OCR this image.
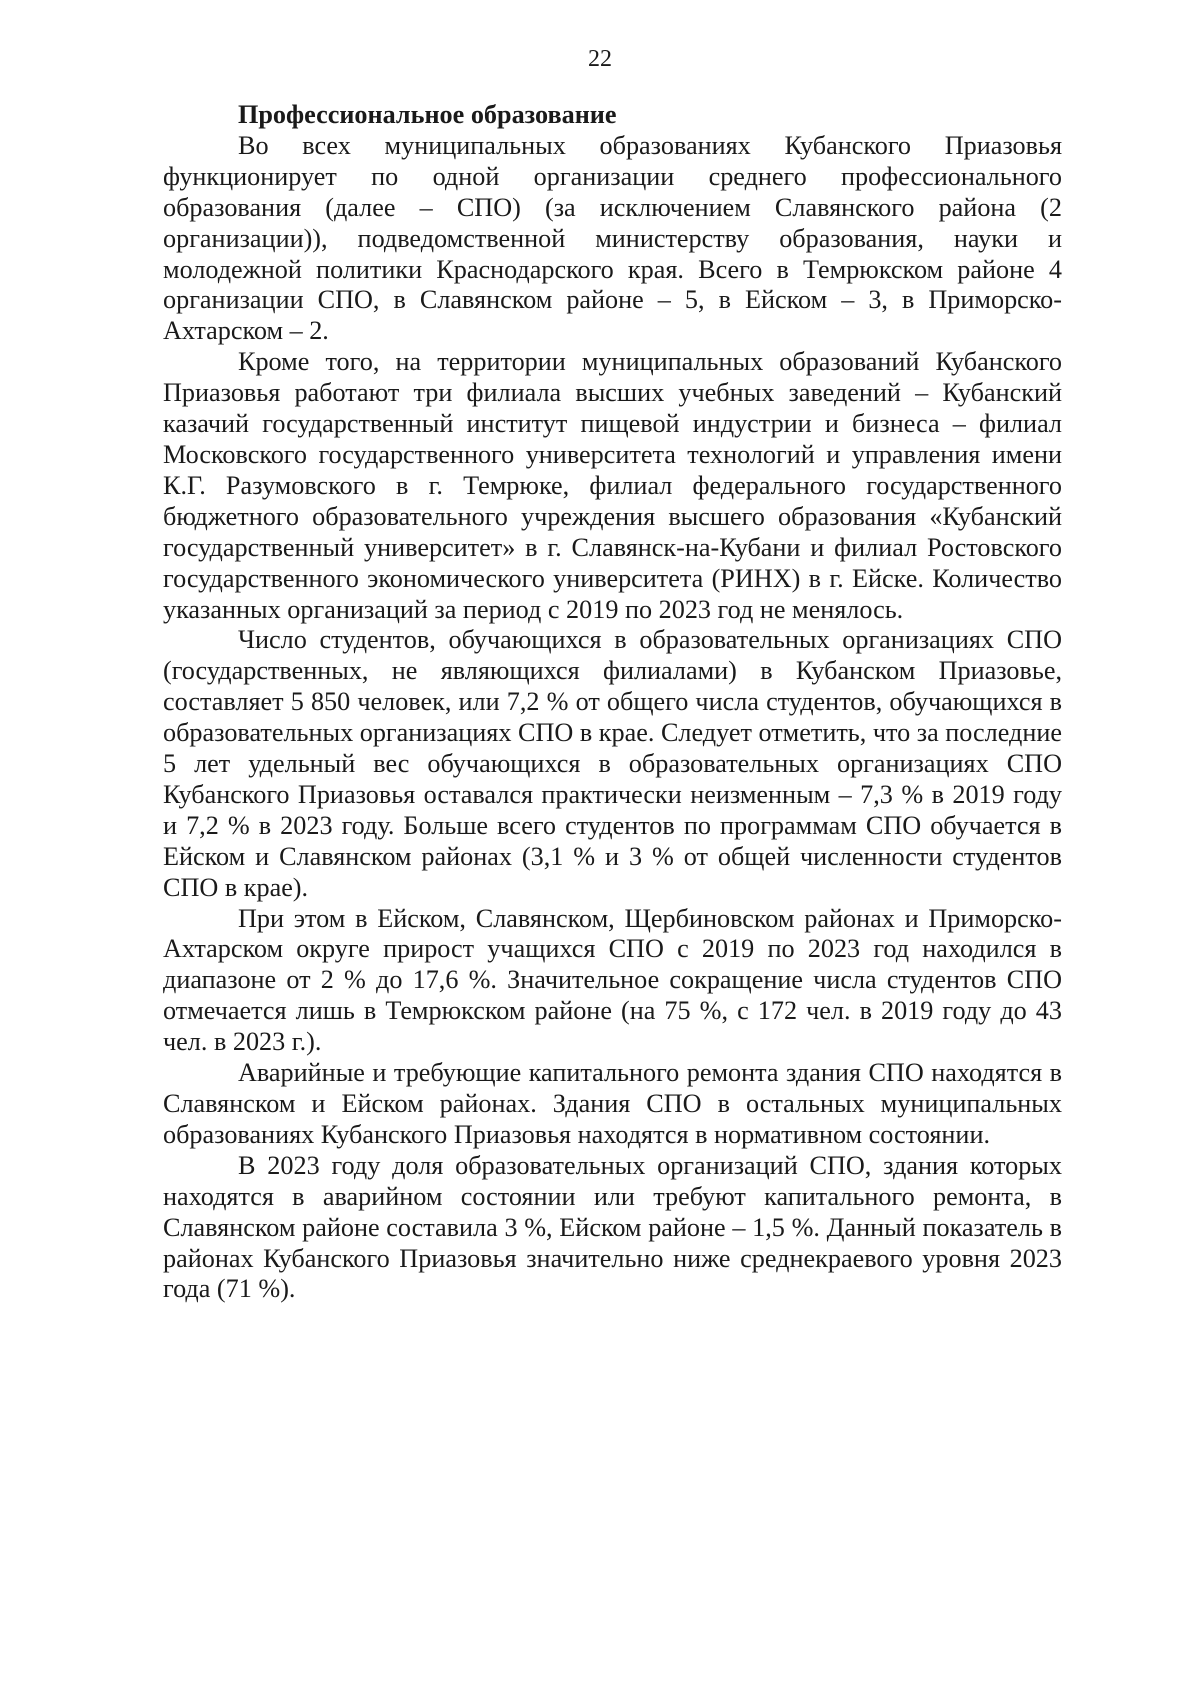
22

Профессиональное образование

Во всех муниципальных образованиях Кубанского Приазовья функционирует по одной организации среднего профессионального образования (далее – СПО) (за исключением Славянского района (2 организации)), подведомственной министерству образования, науки и молодежной политики Краснодарского края. Всего в Темрюкском районе 4 организации СПО, в Славянском районе – 5, в Ейском – 3, в Приморско-Ахтарском – 2.

Кроме того, на территории муниципальных образований Кубанского Приазовья работают три филиала высших учебных заведений – Кубанский казачий государственный институт пищевой индустрии и бизнеса – филиал Московского государственного университета технологий и управления имени К.Г. Разумовского в г. Темрюке, филиал федерального государственного бюджетного образовательного учреждения высшего образования «Кубанский государственный университет» в г. Славянск-на-Кубани и филиал Ростовского государственного экономического университета (РИНХ) в г. Ейске. Количество указанных организаций за период с 2019 по 2023 год не менялось.

Число студентов, обучающихся в образовательных организациях СПО (государственных, не являющихся филиалами) в Кубанском Приазовье, составляет 5 850 человек, или 7,2 % от общего числа студентов, обучающихся в образовательных организациях СПО в крае. Следует отметить, что за последние 5 лет удельный вес обучающихся в образовательных организациях СПО Кубанского Приазовья оставался практически неизменным – 7,3 % в 2019 году и 7,2 % в 2023 году. Больше всего студентов по программам СПО обучается в Ейском и Славянском районах (3,1 % и 3 % от общей численности студентов СПО в крае).

При этом в Ейском, Славянском, Щербиновском районах и Приморско-Ахтарском округе прирост учащихся СПО с 2019 по 2023 год находился в диапазоне от 2 % до 17,6 %. Значительное сокращение числа студентов СПО отмечается лишь в Темрюкском районе (на 75 %, с 172 чел. в 2019 году до 43 чел. в 2023 г.).

Аварийные и требующие капитального ремонта здания СПО находятся в Славянском и Ейском районах. Здания СПО в остальных муниципальных образованиях Кубанского Приазовья находятся в нормативном состоянии.

В 2023 году доля образовательных организаций СПО, здания которых находятся в аварийном состоянии или требуют капитального ремонта, в Славянском районе составила 3 %, Ейском районе – 1,5 %. Данный показатель в районах Кубанского Приазовья значительно ниже среднекраевого уровня 2023 года (71 %).
